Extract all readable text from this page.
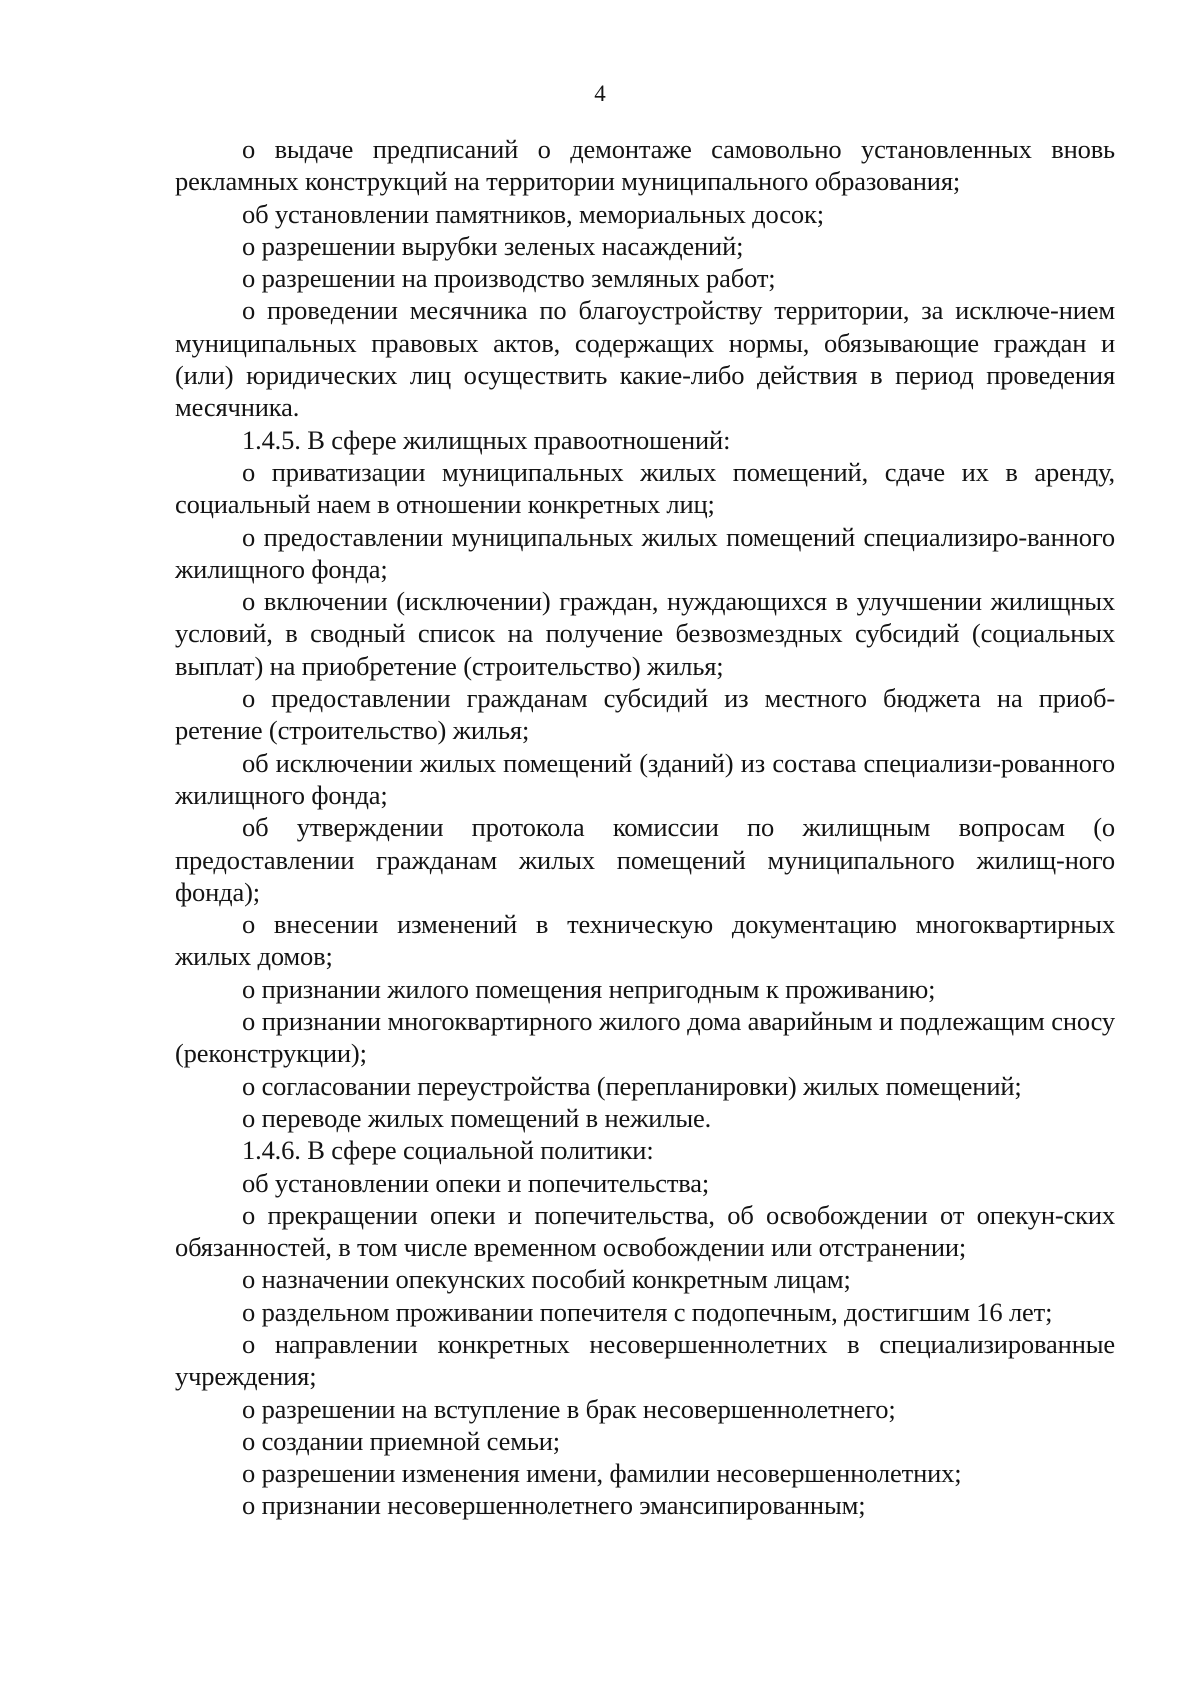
4

о выдаче предписаний о демонтаже самовольно установленных вновь рекламных конструкций на территории муниципального образования;

об установлении памятников, мемориальных досок;

о разрешении вырубки зеленых насаждений;

о разрешении на производство земляных работ;

о проведении месячника по благоустройству территории, за исключе-нием муниципальных правовых актов, содержащих нормы, обязывающие граждан и (или) юридических лиц осуществить какие-либо действия в период проведения месячника.

1.4.5. В сфере жилищных правоотношений:

о приватизации муниципальных жилых помещений, сдаче их в аренду, социальный наем в отношении конкретных лиц;

о предоставлении муниципальных жилых помещений специализиро-ванного жилищного фонда;

о включении (исключении) граждан, нуждающихся в улучшении жилищных условий, в сводный список на получение безвозмездных субсидий (социальных выплат) на приобретение (строительство) жилья;

о предоставлении гражданам субсидий из местного бюджета на приоб-ретение (строительство) жилья;

об исключении жилых помещений (зданий) из состава специализи-рованного жилищного фонда;

об утверждении протокола комиссии по жилищным вопросам (о предоставлении гражданам жилых помещений муниципального жилищ-ного фонда);

о внесении изменений в техническую документацию многоквартирных жилых домов;

о признании жилого помещения непригодным к проживанию;

о признании многоквартирного жилого дома аварийным и подлежащим сносу (реконструкции);

о согласовании переустройства (перепланировки) жилых помещений;

о переводе жилых помещений в нежилые.

1.4.6. В сфере социальной политики:

об установлении опеки и попечительства;

о прекращении опеки и попечительства, об освобождении от опекун-ских обязанностей, в том числе временном освобождении или отстранении;

о назначении опекунских пособий конкретным лицам;

о раздельном проживании попечителя с подопечным, достигшим 16 лет;

о направлении конкретных несовершеннолетних в специализированные учреждения;

о разрешении на вступление в брак несовершеннолетнего;

о создании приемной семьи;

о разрешении изменения имени, фамилии несовершеннолетних;

о признании несовершеннолетнего эмансипированным;
